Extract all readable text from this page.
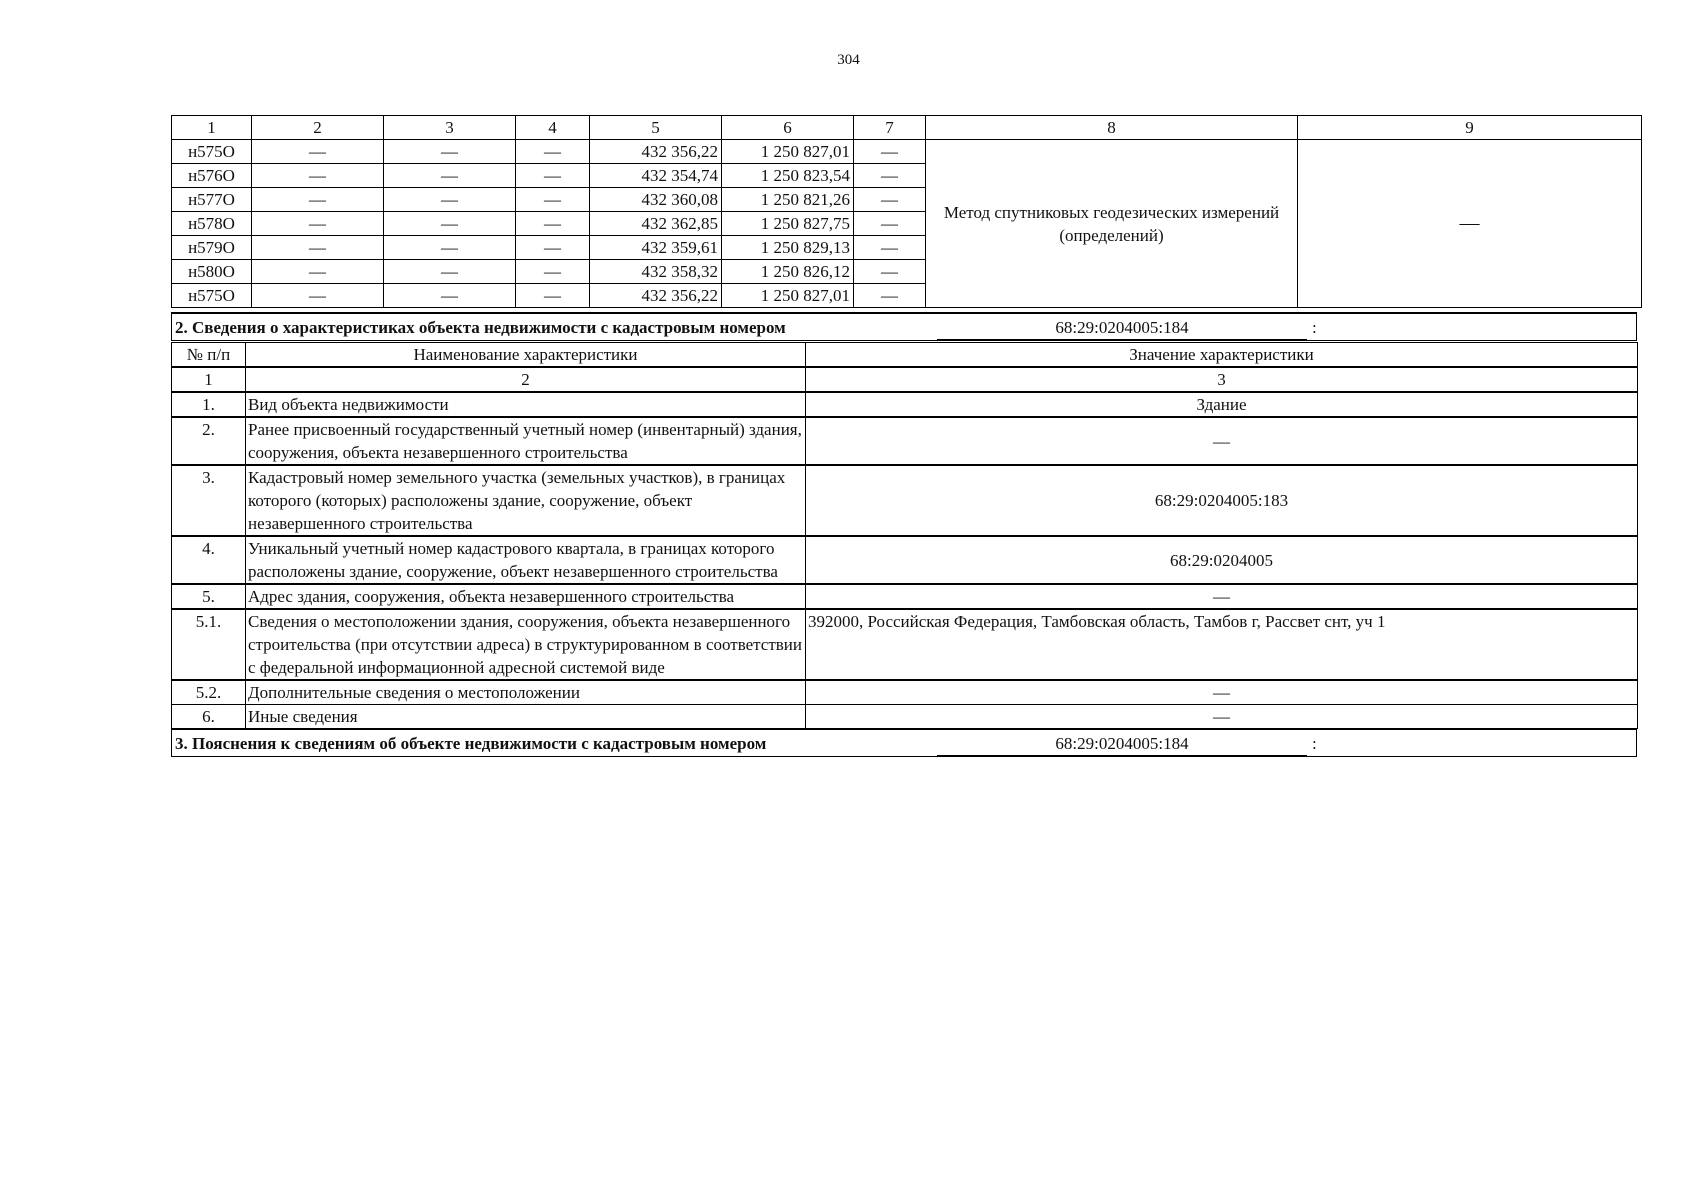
304
1	2	3	4	5	6	7	8	9
н575О	—	—	—	432 356,22	1 250 827,01	—	Метод спутниковых геодезических измерений (определений)	—
н576О	—	—	—	432 354,74	1 250 823,54	—		
н577О	—	—	—	432 360,08	1 250 821,26	—		
н578О	—	—	—	432 362,85	1 250 827,75	—		
н579О	—	—	—	432 359,61	1 250 829,13	—		
н580О	—	—	—	432 358,32	1 250 826,12	—		
н575О	—	—	—	432 356,22	1 250 827,01	—		
2. Сведения о характеристиках объекта недвижимости с кадастровым номером	68:29:0204005:184	:
№ п/п	Наименование характеристики	Значение характеристики
1	2	3
1.	Вид объекта недвижимости	Здание
2.	Ранее присвоенный государственный учетный номер (инвентарный) здания, сооружения, объекта незавершенного строительства	—
3.	Кадастровый номер земельного участка (земельных участков), в границах которого (которых) расположены здание, сооружение, объект незавершенного строительства	68:29:0204005:183
4.	Уникальный учетный номер кадастрового квартала, в границах которого расположены здание, сооружение, объект незавершенного строительства	68:29:0204005
5.	Адрес здания, сооружения, объекта незавершенного строительства	—
5.1.	Сведения о местоположении здания, сооружения, объекта незавершенного строительства (при отсутствии адреса) в структурированном в соответствии с федеральной информационной адресной системой виде	392000, Российская Федерация, Тамбовская область, Тамбов г, Рассвет снт, уч 1
5.2.	Дополнительные сведения о местоположении	—
6.	Иные сведения	—
3. Пояснения к сведениям об объекте недвижимости с кадастровым номером	68:29:0204005:184	:
